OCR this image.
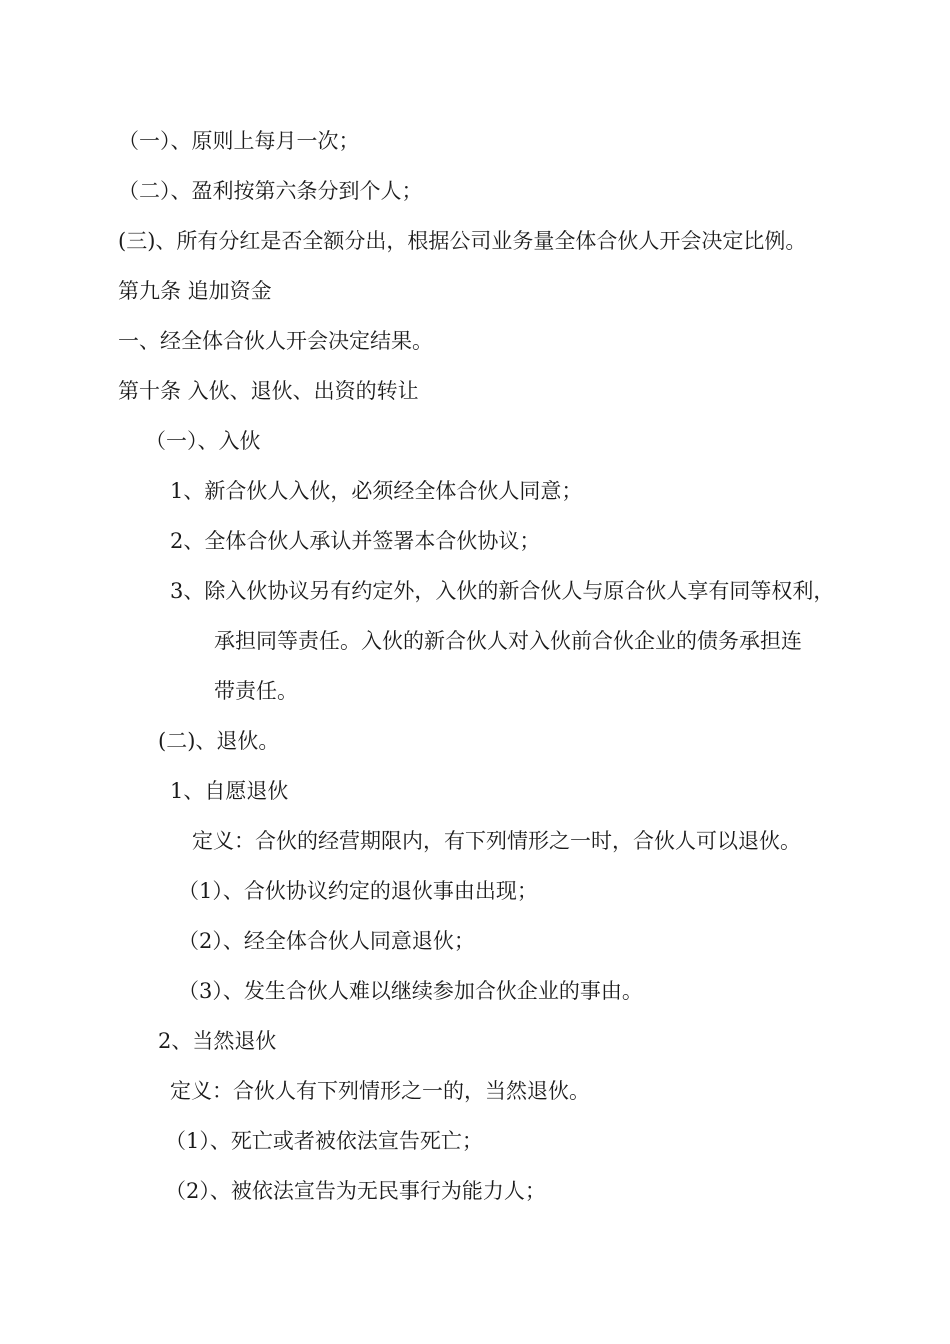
（一）、原则上每月一次；
（二）、盈利按第六条分到个人；
(三)、所有分红是否全额分出，根据公司业务量全体合伙人开会决定比例。
第九条 追加资金
一、经全体合伙人开会决定结果。
第十条 入伙、退伙、出资的转让
（一）、入伙
1、新合伙人入伙，必须经全体合伙人同意；
2、全体合伙人承认并签署本合伙协议；
3、除入伙协议另有约定外，入伙的新合伙人与原合伙人享有同等权利，
承担同等责任。入伙的新合伙人对入伙前合伙企业的债务承担连
带责任。
(二)、退伙。
1、自愿退伙
定义：合伙的经营期限内，有下列情形之一时，合伙人可以退伙。
（1）、合伙协议约定的退伙事由出现；
（2）、经全体合伙人同意退伙；
（3）、发生合伙人难以继续参加合伙企业的事由。
2、当然退伙
定义：合伙人有下列情形之一的，当然退伙。
（1）、死亡或者被依法宣告死亡；
（2）、被依法宣告为无民事行为能力人；
